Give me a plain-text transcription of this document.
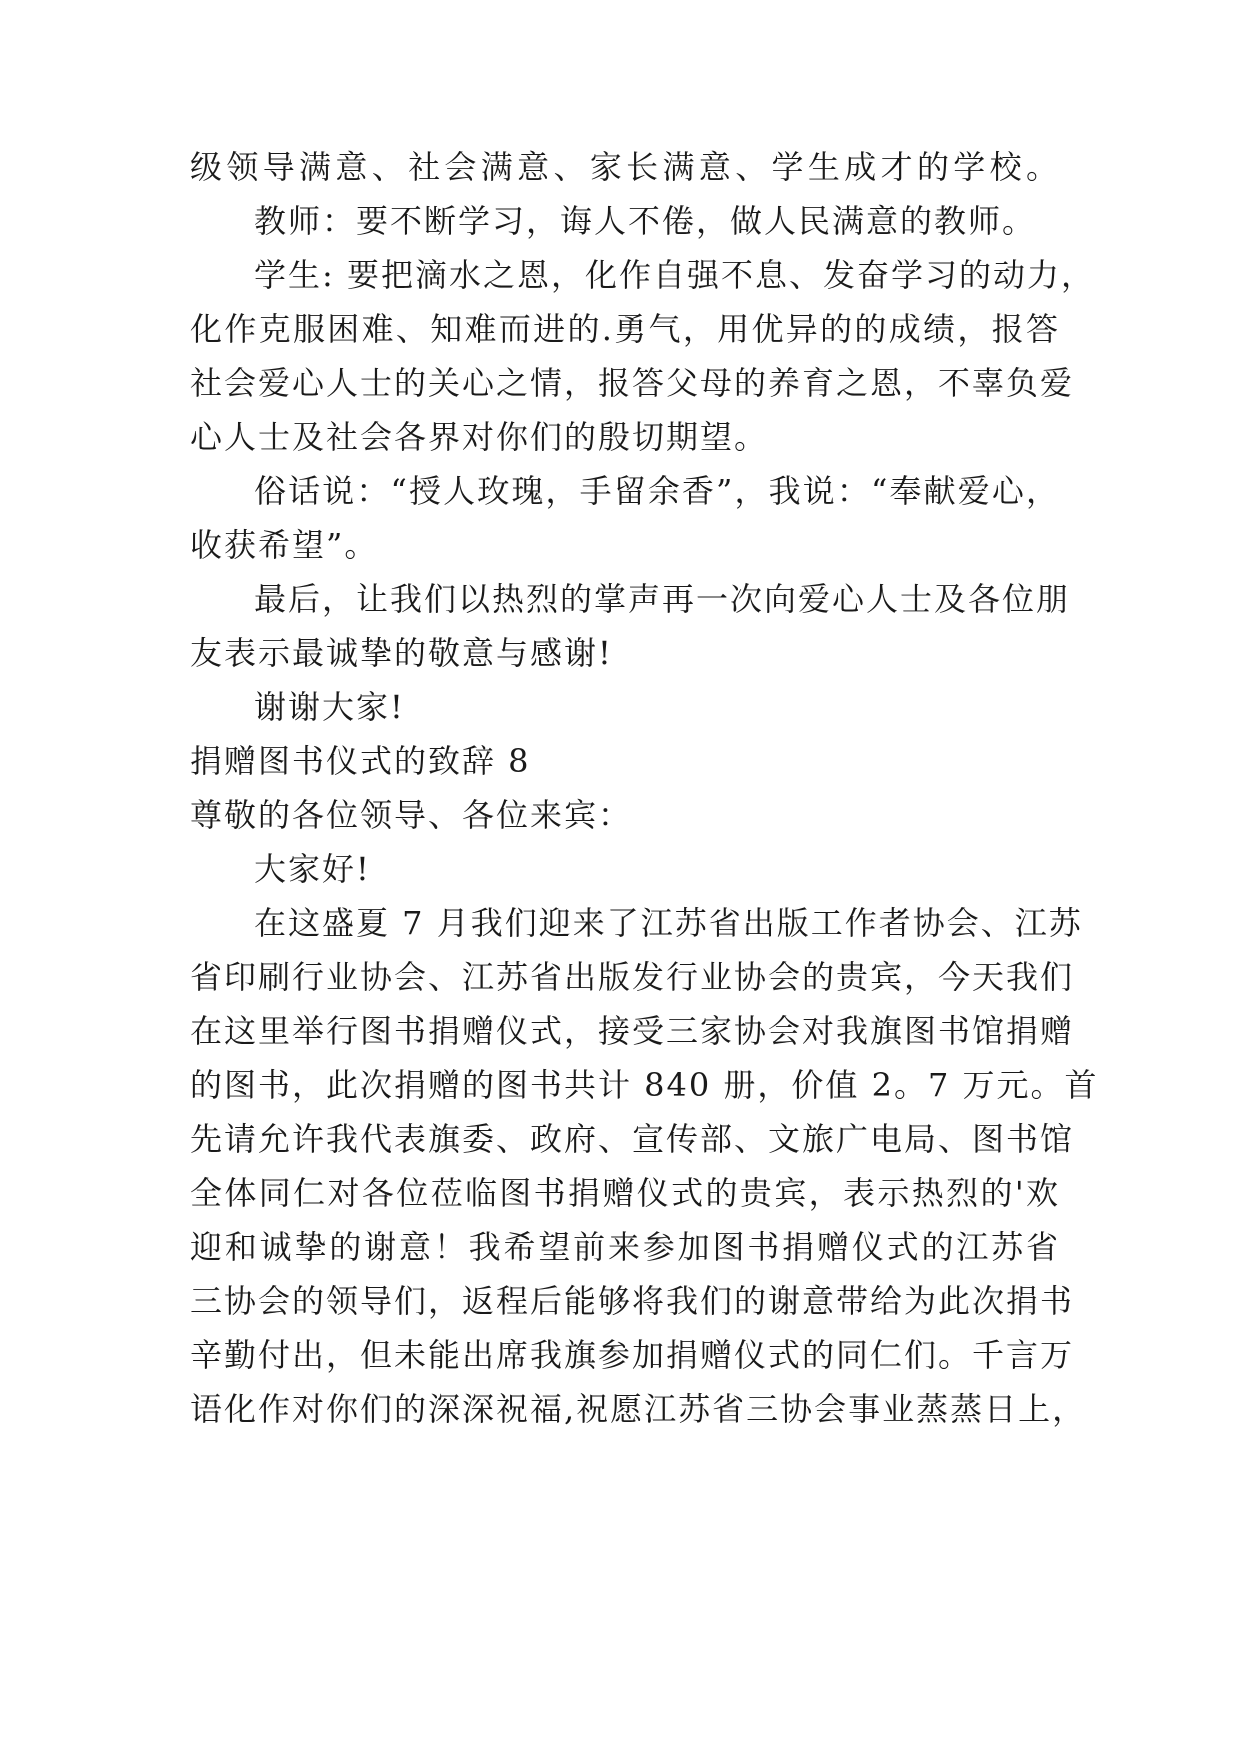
级领导满意、社会满意、家长满意、学生成才的学校。
教师：要不断学习，诲人不倦，做人民满意的教师。
学生: 要把滴水之恩，化作自强不息、发奋学习的动力，
化作克服困难、知难而进的.勇气，用优异的的成绩，报答
社会爱心人士的关心之情，报答父母的养育之恩，不辜负爱
心人士及社会各界对你们的殷切期望。
俗话说：“授人玫瑰，手留余香”，我说：“奉献爱心，
收获希望”。
最后，让我们以热烈的掌声再一次向爱心人士及各位朋
友表示最诚挚的敬意与感谢!
谢谢大家!
捐赠图书仪式的致辞 8
尊敬的各位领导、各位来宾：
大家好!
在这盛夏 7 月我们迎来了江苏省出版工作者协会、江苏
省印刷行业协会、江苏省出版发行业协会的贵宾，今天我们
在这里举行图书捐赠仪式，接受三家协会对我旗图书馆捐赠
的图书，此次捐赠的图书共计 840 册，价值 2。7 万元。首
先请允许我代表旗委、政府、宣传部、文旅广电局、图书馆
全体同仁对各位莅临图书捐赠仪式的贵宾，表示热烈的'欢
迎和诚挚的谢意！我希望前来参加图书捐赠仪式的江苏省
三协会的领导们，返程后能够将我们的谢意带给为此次捐书
辛勤付出，但未能出席我旗参加捐赠仪式的同仁们。千言万
语化作对你们的深深祝福,祝愿江苏省三协会事业蒸蒸日上，
